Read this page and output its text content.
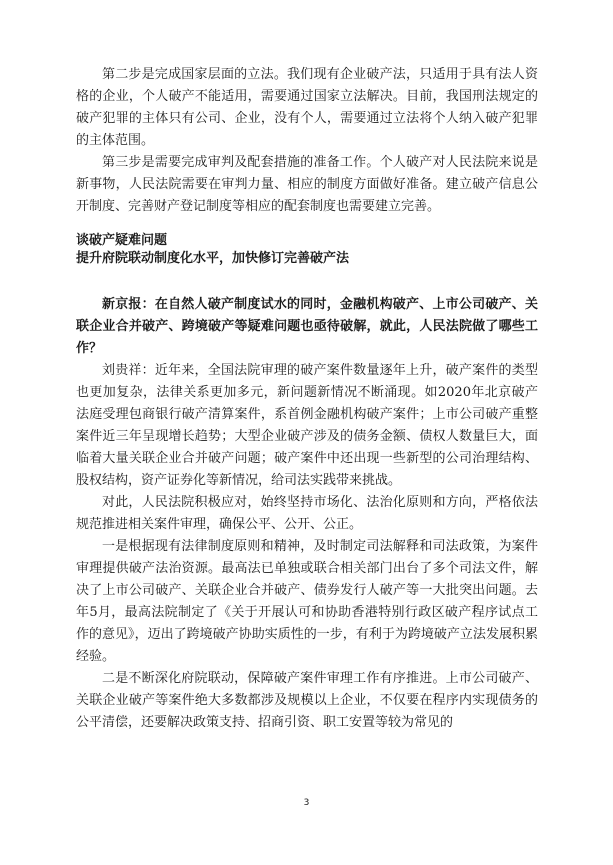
第二步是完成国家层面的立法。我们现有企业破产法，只适用于具有法人资格的企业，个人破产不能适用，需要通过国家立法解决。目前，我国刑法规定的破产犯罪的主体只有公司、企业，没有个人，需要通过立法将个人纳入破产犯罪的主体范围。

第三步是需要完成审判及配套措施的准备工作。个人破产对人民法院来说是新事物，人民法院需要在审判力量、相应的制度方面做好准备。建立破产信息公开制度、完善财产登记制度等相应的配套制度也需要建立完善。

谈破产疑难问题

提升府院联动制度化水平，加快修订完善破产法

新京报：在自然人破产制度试水的同时，金融机构破产、上市公司破产、关联企业合并破产、跨境破产等疑难问题也亟待破解，就此，人民法院做了哪些工作？

刘贵祥：近年来，全国法院审理的破产案件数量逐年上升，破产案件的类型也更加复杂，法律关系更加多元，新问题新情况不断涌现。如2020年北京破产法庭受理包商银行破产清算案件，系首例金融机构破产案件；上市公司破产重整案件近三年呈现增长趋势；大型企业破产涉及的债务金额、债权人数量巨大，面临着大量关联企业合并破产问题；破产案件中还出现一些新型的公司治理结构、股权结构，资产证券化等新情况，给司法实践带来挑战。

对此，人民法院积极应对，始终坚持市场化、法治化原则和方向，严格依法规范推进相关案件审理，确保公平、公开、公正。

一是根据现有法律制度原则和精神，及时制定司法解释和司法政策，为案件审理提供破产法治资源。最高法已单独或联合相关部门出台了多个司法文件，解决了上市公司破产、关联企业合并破产、债券发行人破产等一大批突出问题。去年5月，最高法院制定了《关于开展认可和协助香港特别行政区破产程序试点工作的意见》，迈出了跨境破产协助实质性的一步，有利于为跨境破产立法发展积累经验。

二是不断深化府院联动，保障破产案件审理工作有序推进。上市公司破产、关联企业破产等案件绝大多数都涉及规模以上企业，不仅要在程序内实现债务的公平清偿，还要解决政策支持、招商引资、职工安置等较为常见的

3
